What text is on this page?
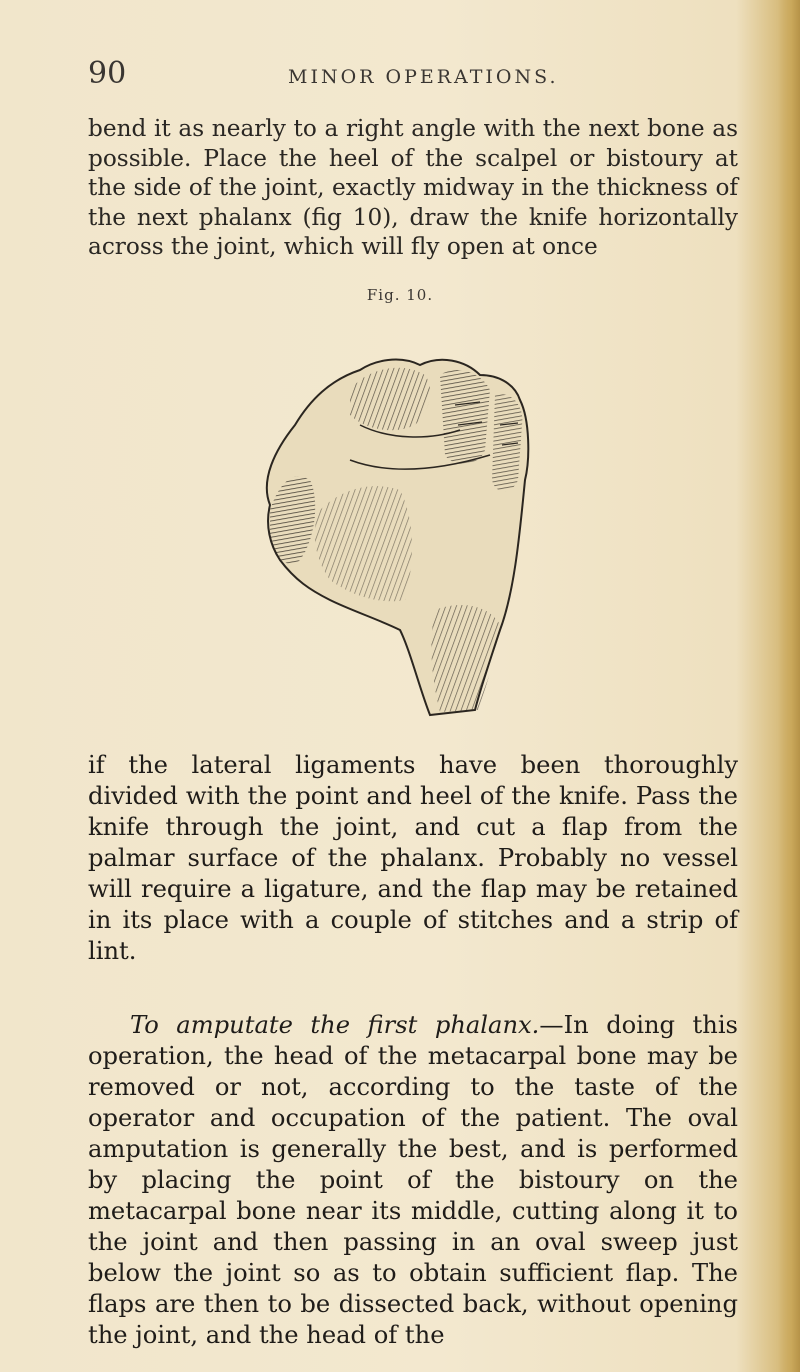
90	MINOR OPERATIONS.

bend it as nearly to a right angle with the next bone as possible. Place the heel of the scalpel or bistoury at the side of the joint, exactly midway in the thickness of the next phalanx (fig 10), draw the knife horizontally across the joint, which will fly open at once

Fig. 10.

if the lateral ligaments have been thoroughly divided with the point and heel of the knife. Pass the knife through the joint, and cut a flap from the palmar surface of the phalanx. Probably no vessel will require a ligature, and the flap may be retained in its place with a couple of stitches and a strip of lint.

To amputate the first phalanx.—In doing this operation, the head of the metacarpal bone may be removed or not, according to the taste of the operator and occupation of the patient. The oval amputation is generally the best, and is performed by placing the point of the bistoury on the metacarpal bone near its middle, cutting along it to the joint and then passing in an oval sweep just below the joint so as to obtain sufficient flap. The flaps are then to be dissected back, without opening the joint, and the head of the
